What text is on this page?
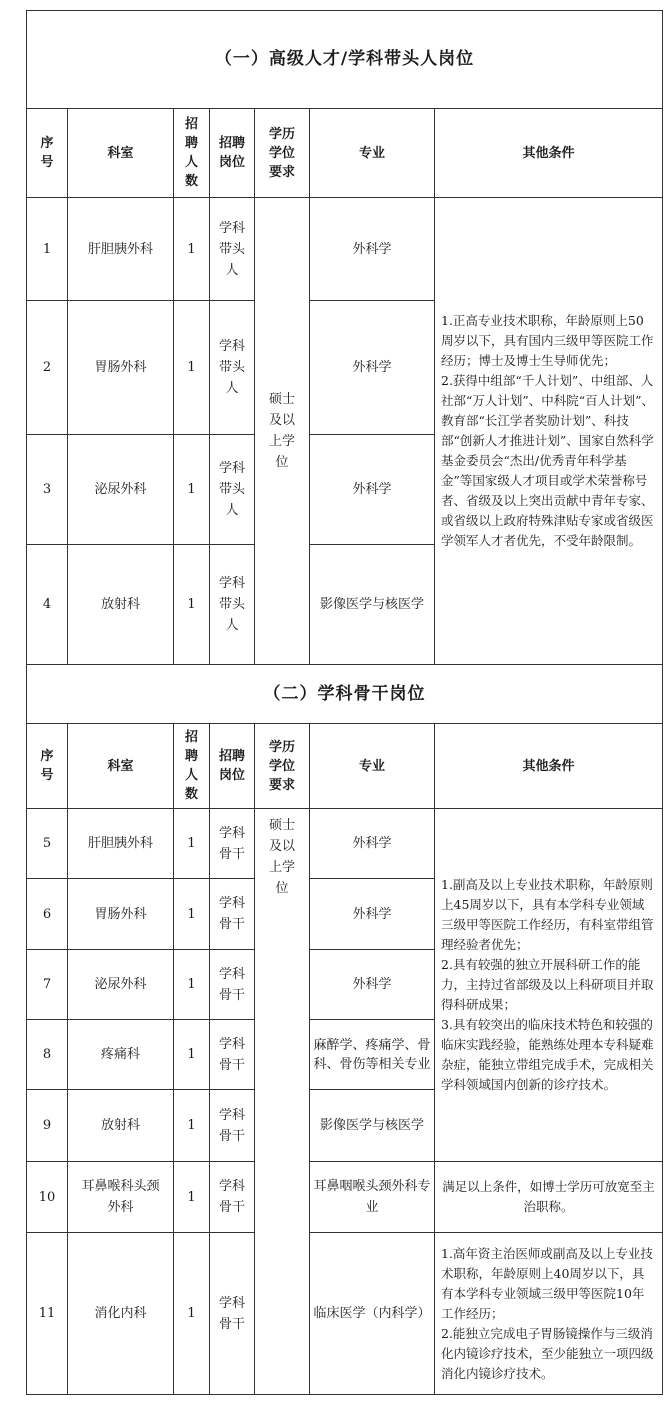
（一）高级人才/学科带头人岗位						
序号	科室	招聘人数	招聘岗位	学历学位要求	专业	其他条件
1	肝胆胰外科	1	学科带头人	硕士及以上学位	外科学	1.正高专业技术职称，年龄原则上50周岁以下，具有国内三级甲等医院工作经历；博士及博士生导师优先；
2.获得中组部“千人计划”、中组部、人社部“万人计划”、中科院“百人计划”、教育部“长江学者奖励计划”、科技部“创新人才推进计划”、国家自然科学基金委员会“杰出/优秀青年科学基金”等国家级人才项目或学术荣誉称号者、省级及以上突出贡献中青年专家、或省级以上政府特殊津贴专家或省级医学领军人才者优先，不受年龄限制。
2	胃肠外科	1	学科带头人		外科学	
3	泌尿外科	1	学科带头人		外科学	
4	放射科	1	学科带头人		影像医学与核医学	
（二）学科骨干岗位						
序号	科室	招聘人数	招聘岗位	学历学位要求	专业	其他条件
5	肝胆胰外科	1	学科骨干	硕士及以上学位	外科学	1.副高及以上专业技术职称，年龄原则上45周岁以下，具有本学科专业领域三级甲等医院工作经历，有科室带组管理经验者优先；
2.具有较强的独立开展科研工作的能力，主持过省部级及以上科研项目并取得科研成果；
3.具有较突出的临床技术特色和较强的临床实践经验，能熟练处理本专科疑难杂症，能独立带组完成手术，完成相关学科领域国内创新的诊疗技术。
6	胃肠外科	1	学科骨干		外科学	
7	泌尿外科	1	学科骨干		外科学	
8	疼痛科	1	学科骨干		麻醉学、疼痛学、骨科、骨伤等相关专业	
9	放射科	1	学科骨干		影像医学与核医学	
10	耳鼻喉科头颈外科	1	学科骨干		耳鼻咽喉头颈外科专业	满足以上条件，如博士学历可放宽至主治职称。
11	消化内科	1	学科骨干		临床医学（内科学）	1.高年资主治医师或副高及以上专业技术职称，年龄原则上40周岁以下，具有本学科专业领域三级甲等医院10年工作经历；
2.能独立完成电子胃肠镜操作与三级消化内镜诊疗技术，至少能独立一项四级消化内镜诊疗技术。
